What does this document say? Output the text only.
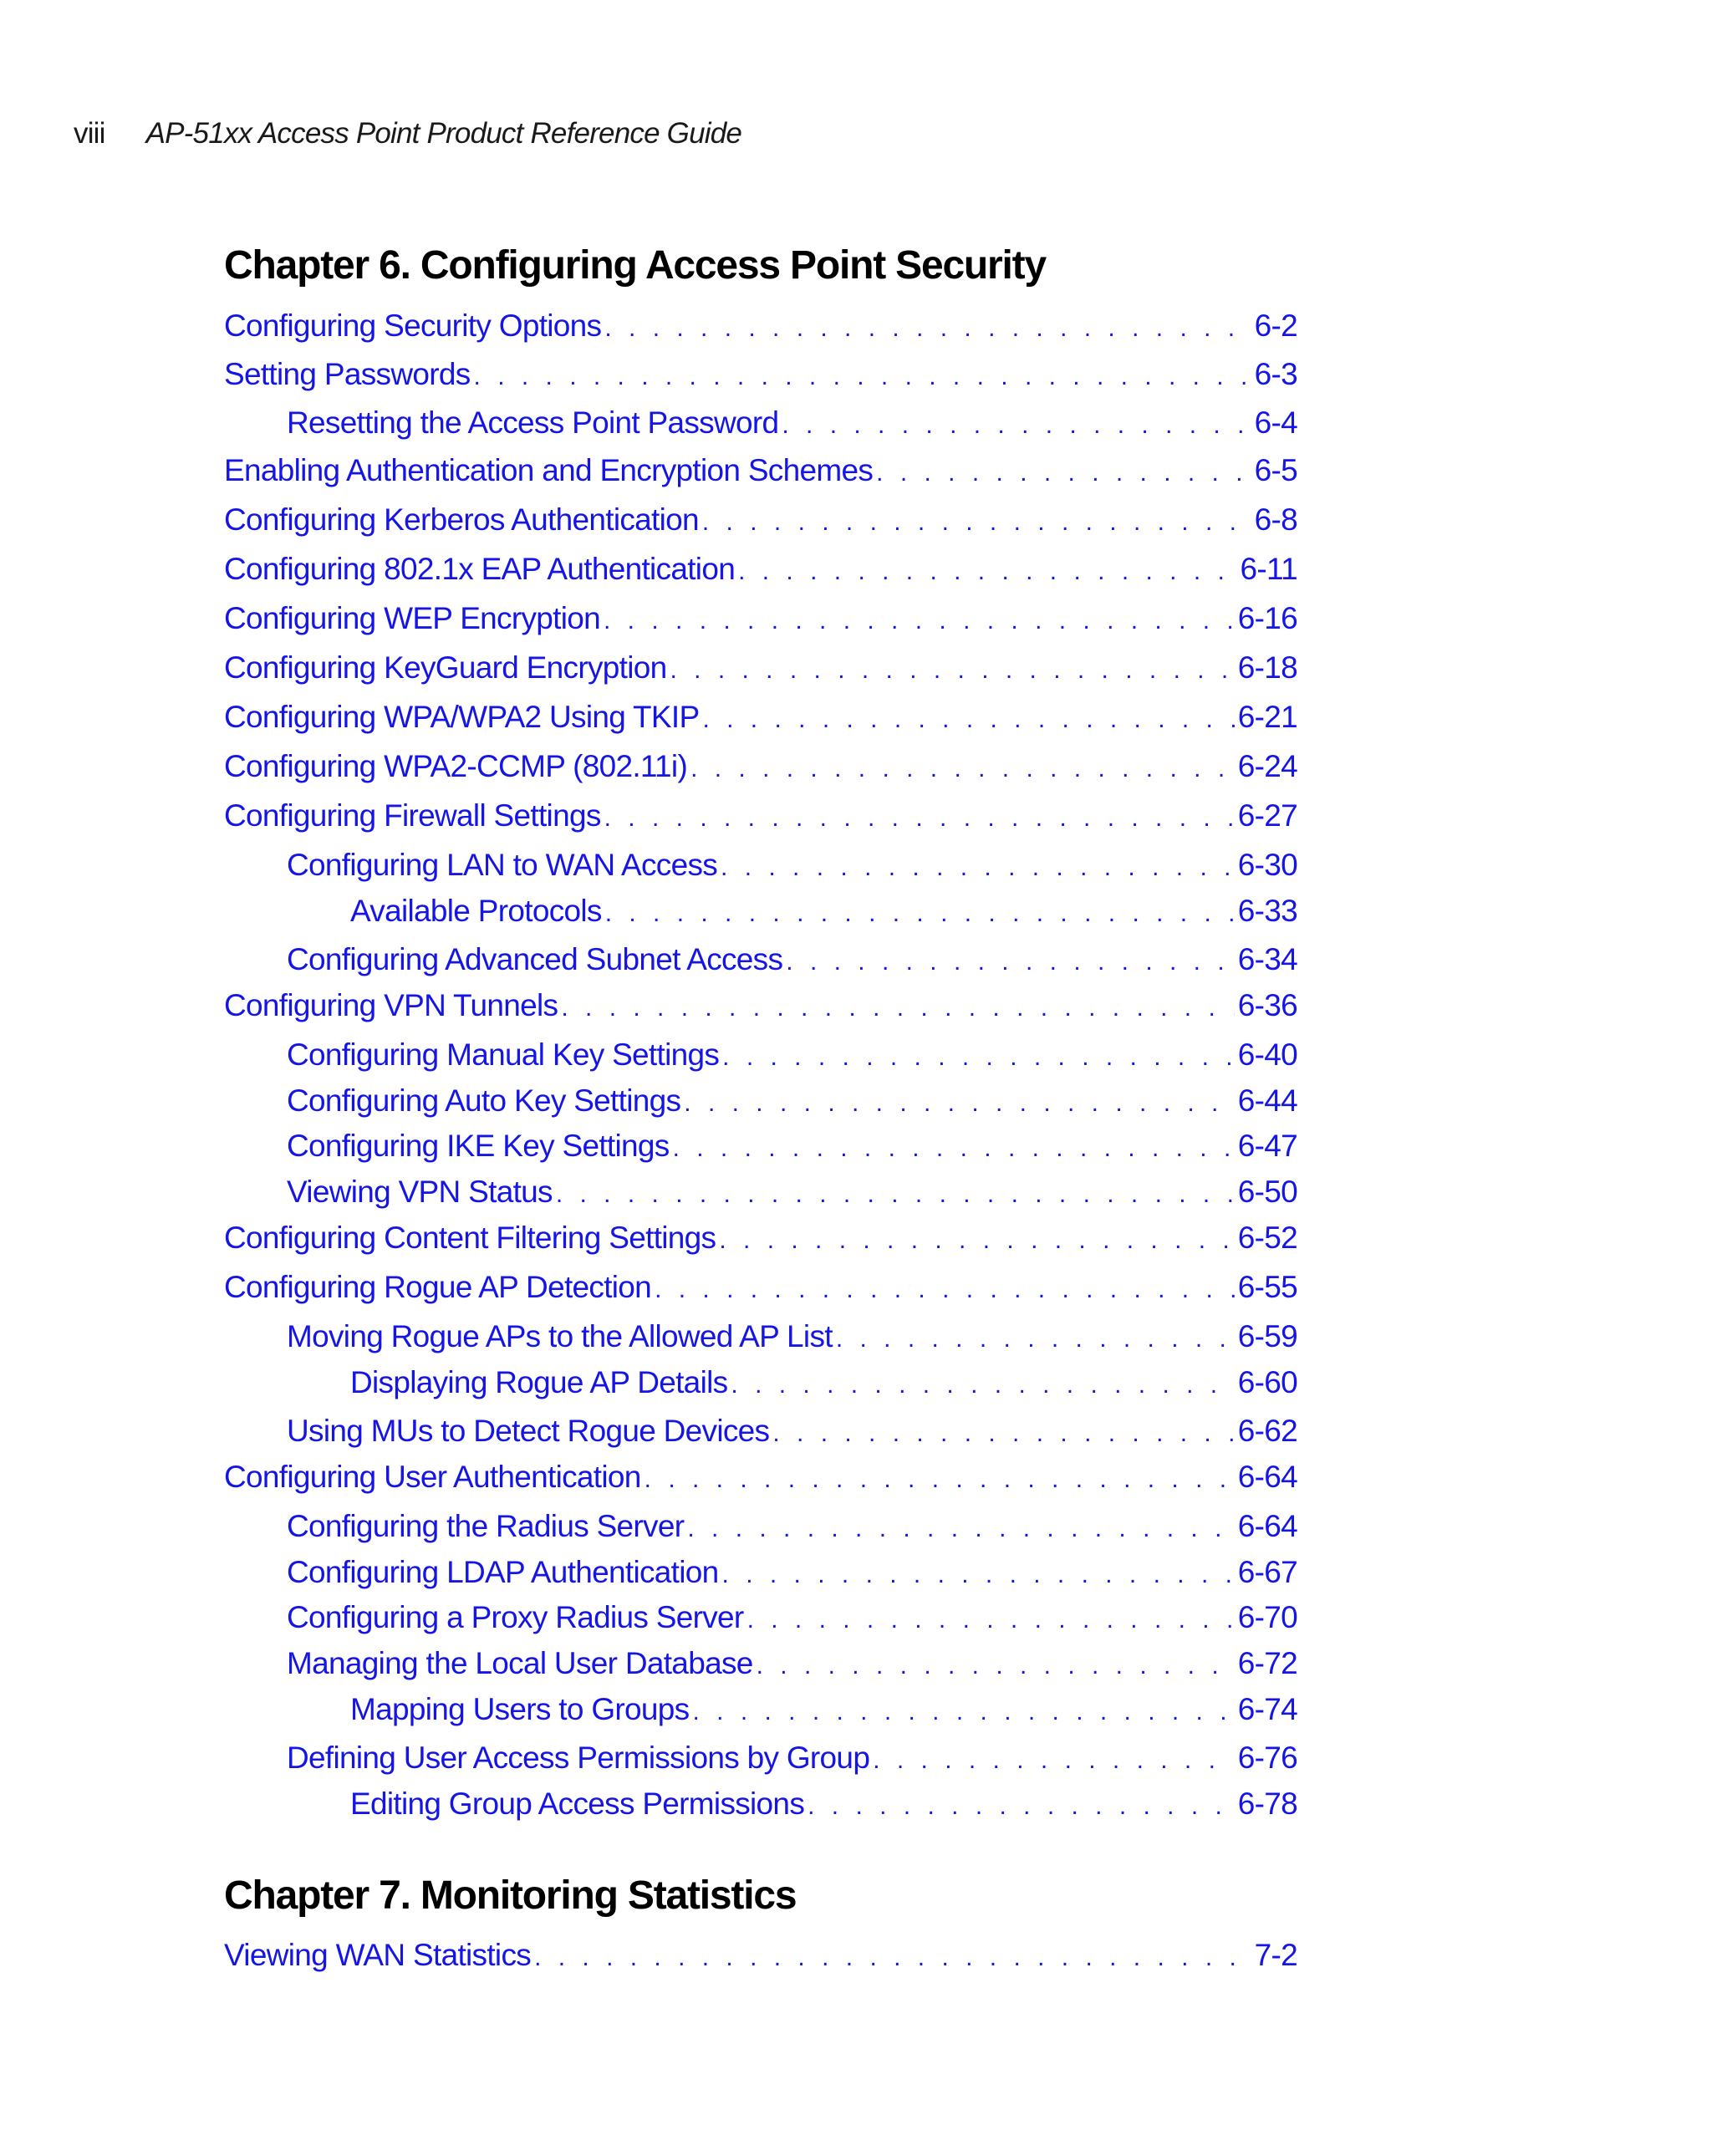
viii AP-51xx Access Point Product Reference Guide
Chapter 6. Configuring Access Point Security
Configuring Security Options . . .	6-2
Setting Passwords . . .	6-3
Resetting the Access Point Password . . .	6-4
Enabling Authentication and Encryption Schemes . . .	6-5
Configuring Kerberos Authentication . . .	6-8
Configuring 802.1x EAP Authentication . . .	6-11
Configuring WEP Encryption . . .	6-16
Configuring KeyGuard Encryption . . .	6-18
Configuring WPA/WPA2 Using TKIP . . .	6-21
Configuring WPA2-CCMP (802.11i) . . .	6-24
Configuring Firewall Settings . . .	6-27
Configuring LAN to WAN Access . . .	6-30
Available Protocols . . .	6-33
Configuring Advanced Subnet Access . . .	6-34
Configuring VPN Tunnels . . .	6-36
Configuring Manual Key Settings . . .	6-40
Configuring Auto Key Settings . . .	6-44
Configuring IKE Key Settings . . .	6-47
Viewing VPN Status . . .	6-50
Configuring Content Filtering Settings . . .	6-52
Configuring Rogue AP Detection . . .	6-55
Moving Rogue APs to the Allowed AP List . . .	6-59
Displaying Rogue AP Details . . .	6-60
Using MUs to Detect Rogue Devices . . .	6-62
Configuring User Authentication . . .	6-64
Configuring the Radius Server . . .	6-64
Configuring LDAP Authentication . . .	6-67
Configuring a Proxy Radius Server . . .	6-70
Managing the Local User Database . . .	6-72
Mapping Users to Groups . . .	6-74
Defining User Access Permissions by Group . . .	6-76
Editing Group Access Permissions . . .	6-78
Chapter 7. Monitoring Statistics
Viewing WAN Statistics . . .	7-2
